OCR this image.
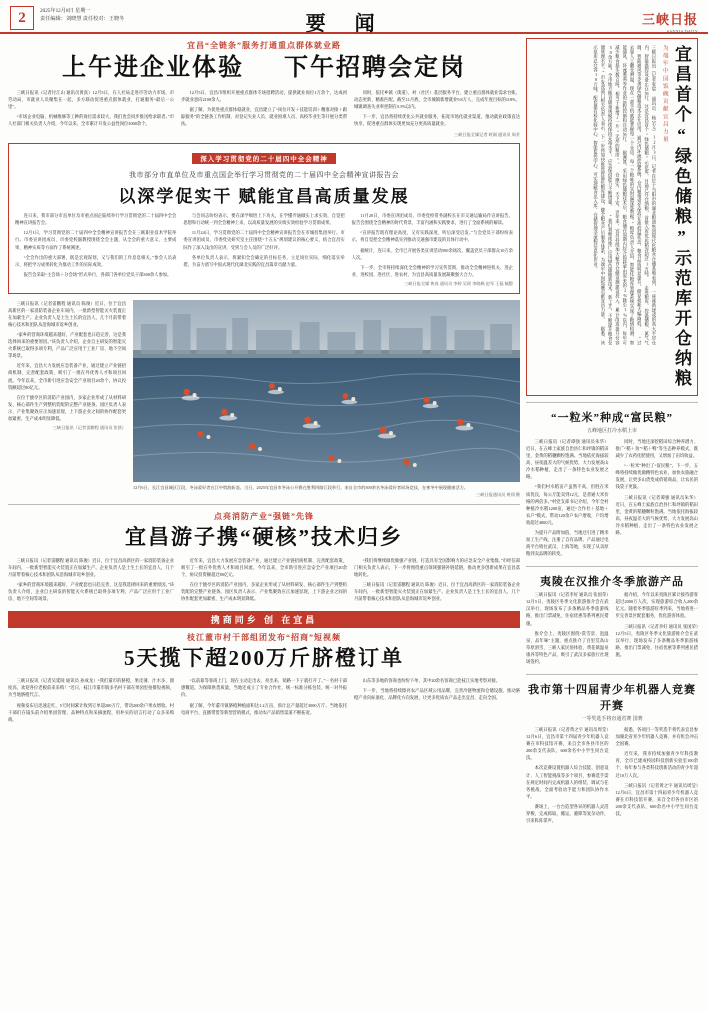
2	2025年12月8日 星期一
责任编辑：刘晓慧 责任校对：王晓冬	要 闻	三峡日报
SANXIA DAILY
宜昌“全链条”服务打通重点群体就业路
上午进企业体验 下午招聘会定岗

三峡日报讯（记者付江山 通讯员黄真）12月5日，在人社局走进市劳动力市场，市劳动局、市就业人员聚集在一起，多方联动促进重点群体就业，打通服务“最后一公里”。

“市场企业电脑、机械维修等工种的岗位需求较大，我们也会同步推送给求职者。”市人社部门相关负责人介绍，今年以来，全市累计开发公益性岗位3000余个。

12月5日，宜昌市组织开展重点群体专场招聘活动，提供就业岗位1万余个，达成初步就业意向2100余人。

据了解，为促进重点群体稳就业，宜昌建立了“岗位开发＋技能培训＋精准对接＋跟踪服务”的全链条工作机制，对登记失业人员、就业困难人员、高校毕业生等开展分类帮扶。

同时，依托乡镇（街道）、村（社区）基层服务平台，建立重点群体就业需求台账，动态更新、精准匹配。截至11月底，全市城镇新增就业9.8万人，完成年度目标的118%，城镇调查失业率控制在5.5%以内。

下一步，宜昌将持续优化公共就业服务，拓宽市场化就业渠道，推动就业政策直达快享，促进重点群体实现更加充分更高质量就业。

三峡日报全媒记者 时刚 通讯员 周芳
深入学习贯彻党的二十届四中全会精神
我市部分市直单位及市重点国企举行学习贯彻党的二十届四中全会精神宣讲报告会
以深学促实干 赋能宜昌高质量发展

连日来，我市部分市直单位及市重点国企陆续举行学习贯彻党的二十届四中全会精神宣讲报告会。

12月1日，学习贯彻党的二十届四中全会精神宣讲报告会在三峡职业技术学院举行。市委宣讲团成员、市委党校副教授围绕全会主题，从全会的重大意义、主要成果、精神实质等方面作了系统阐述。

“全会作出的重大部署，既是宏观谋划，又与我们的工作息息相关。”参会人员表示，将把学习成果转化为推动工作的实际成效。

报告会采取“主会场＋分会场”形式举行，各部门各单位党员干部300余人参加。

与会同志纷纷表示，要在深学细悟上下功夫，在学懂弄通做实上求实效，自觉把思想和行动统一到全会精神上来，以高质量发展的实绩实效检验学习贯彻成果。

11月24日，学习贯彻党的二十届四中全会精神宣讲报告会在市城投集团举行。市委宣讲团成员、市委党史研究室主任围绕“十五五”规划建议的核心要义，结合宜昌实际作了深入浅出的宣讲，受到与会人员的广泛好评。

各单位负责人表示，将紧扣全会确定的目标任务，立足岗位实际，细化落实举措，为奋力谱写中国式现代化湖北实践的宜昌篇章贡献力量。

11月20日，市委宣讲团成员、市委党校常务副校长在市交通运输局作宣讲报告。报告会围绕全会精神的时代背景、丰富内涵和实践要求，进行了全面系统的解读。

“宣讲报告既有理论高度，又有实践深度，听后深受启发。”与会党员干部纷纷表示，将自觉把全会精神落实到推动交通强市建设的具体行动中。

据统计，连日来，全市已开展各类宣讲活动500余场次，覆盖党员干部群众10万余人次。

下一步，全市将持续深化全会精神的学习宣传贯彻，推动全会精神进机关、进企业、进校园、进社区、进农村，为宜昌高质量发展凝聚强大合力。

三峡日报全媒 黄真 通讯员 李婷 吴瑶 李晓枫 赵军 王磊 稿整

三峡日报讯（记者雷鹏程 通讯员 陈俊）近日，位于宜昌高新区的一家消防装备企业车间内，一批新型智能灭火装置正在加紧生产。企业负责人是土生土长的宜昌人，几个月前带着核心技术和团队从沿海城市返乡创业。

“家乡的营商环境越来越好，产业配套也日趋完善，这是我选择回来的重要原因。”该负责人介绍，企业自主研发的智能灭火系统已取得多项专利，产品广泛应用于工业厂房、地下空间等场景。

近年来，宜昌大力发展应急装备产业，通过建立产业链招商机制、完善配套政策，吸引了一批在外优秀人才和项目回流。今年以来，全市新引进应急安全产业项目20余个，协议投资额超过80亿元。

在位于猇亭区的消防产业园内，多家企业形成了从材料研发、核心部件生产到整机装配的完整产业链条。园区负责人表示，产业集聚效应正加速显现，上下游企业之间的协作配套更加紧密，生产成本明显降低。

三峡日报讯（记者雷鹏程 通讯员 张凯）
12月6日，长江宜昌城区江段，冬泳爱好者在江中劈波斩浪。当日，2025年宜昌市冬泳公开赛在胜利四路江段举行，来自全市的300余名冬泳爱好者同场竞技，在寒冬中展现健康活力。
三峡日报通讯员 黄翔 摄
点亮消防产业“强链”先锋
宜昌游子携“硬核”技术归乡

三峡日报讯（记者雷鹏程 通讯员 陈俊）近日，位于宜昌高新区的一家消防装备企业车间内，一批新型智能灭火装置正在加紧生产。企业负责人是土生土长的宜昌人，几个月前带着核心技术和团队从沿海城市返乡创业。

“家乡的营商环境越来越好，产业配套也日趋完善，这是我选择回来的重要原因。”该负责人介绍，企业自主研发的智能灭火系统已取得多项专利，产品广泛应用于工业厂房、地下空间等场景。

近年来，宜昌大力发展应急装备产业，通过建立产业链招商机制、完善配套政策，吸引了一批在外优秀人才和项目回流。今年以来，全市新引进应急安全产业项目20余个，协议投资额超过80亿元。

在位于猇亭区的消防产业园内，多家企业形成了从材料研发、核心部件生产到整机装配的完整产业链条。园区负责人表示，产业集聚效应正加速显现，上下游企业之间的协作配套更加紧密，生产成本明显降低。

“我们将继续做优做强产业链，打造具有全国影响力的应急安全产业集群。”市经信部门相关负责人表示，下一步将围绕重点领域强链补链延链，推动更多创新成果在宜昌落地转化。

三峡日报讯（记者雷鹏程 通讯员 陈俊）近日，位于宜昌高新区的一家消防装备企业车间内，一批新型智能灭火装置正在加紧生产。企业负责人是土生土长的宜昌人，几个月前带着核心技术和团队从沿海城市返乡创业。

携商同乡 创 在宜昌
枝江董市村干部组团发布“招商”短视频
5天揽下超200万斤脐橙订单

三峡日报讯（记者吴延陵 通讯员 孙成龙）“我们董市的脐橙，果皮薄、汁水多、甜度高，欢迎各位老板前来采购！”近日，枝江市董市镇多名村干部在果园里拍摄短视频，为当地脐橙代言。

视频发布后迅速走红，5天时间累计收到订单超200万斤，带动200余户果农增收。村干部们在镜头前介绍果园管理、品种特点和采摘流程，用朴实的语言打动了众多采购商。

“以前靠等客商上门，现在主动走出去、亮出来，销路一下子就打开了。”一名村干部感慨道。为保障供货质量，当地还成立了专业合作社，统一标准分拣包装，统一对外报价。

据了解，今年董市镇脐橙种植面积达1.2万亩，预计总产量超过3000万斤。当地依托电商平台、直播带货等新型营销模式，推动农产品销售渠道不断拓宽。

山东等多地的客商也纷纷下单，其中20余名客商已赴枝江实地考察对接。

下一步，当地将持续擦亮农产品区域公用品牌，完善冷链物流和仓储设施，推动脐橙产业向标准化、品牌化方向发展，让更多优质农产品走出宜昌、走向全国。

宜昌首个“绿色储粮”示范库开仓纳粮
为端牢中国饭碗贡献宜昌力量
三峡日报讯（记者张宸 通讯员 杨宗义）12月3日，记者在位于当阳市的湖北粮油集团现代化粮食仓储基地看到，一座座新建成的高大平房仓内，智能温控设备正在运行。这是宜昌首个“绿色储粮”示范库，目前已开仓纳粮，首批入库优质稻谷超过1万吨。 走进粮库，控温储粮、氮气气调、智能通风等多项绿色储粮技术正在应用。通过内环流控温系统，仓内粮堆常年保持在准低温状态，粮食品质明显提升，储存损耗大幅降低。 “过去靠人工翻仓测温，现在一部手机就能掌握每一个仓房、每一个粮堆的实时温湿度数据。”粮库负责人介绍，智能化粮库管理系统实现了粮情检测、智能通风、环流熏蒸等作业的远程控制和自动运行。 据测算，采用绿色储粮技术后，粮食储存周期内综合损耗率由原来的2%降至1%以内，每年可减少粮食损失数百吨，相当于新增了一片“无形的粮田”。 仓廪实，天下安。近年来，宜昌持续加大粮食仓储设施建设投入，累计改造提升仓容50余万吨，全市地方粮食储备规模持续保持充裕水平，应急保供能力不断增强。 “我们将继续推广应用绿色储粮新技术、新工艺，不断提升粮食仓储管理水平。”市发改部门相关负责人表示，下一步将加快推进智能化粮库建设，健全粮食产后服务体系，为端牢中国饭碗贡献宜昌力量。 据悉，该示范库总仓容10万吨，配套建有检化验中心、智能监控中心，可实现粮食出入库、仓储管理全流程信息化作业。
“一粒米”种成“富民粮”
五峰地区打冷水稻上市

三峡日报讯（记者谭强 通讯员朱华）近日，在五峰土家族自治县仁和坪镇的稻田里，金黄的稻穗颗粒饱满。当地依托海拔较高、昼夜温差大的气候优势，大力发展高山冷水稻种植，走出了一条特色农业发展之路。

“我们村水稻亩产虽然不高，但胜在米质优良，每公斤能卖到12元，是普通大米价格的两倍多。”村党支部书记介绍，今年全村种植冷水稻1200亩，通过“合作社＋基地＋农户”模式，带动120余户农户增收，户均增收超过4000元。

为提升产品附加值，当地还引进了精米加工生产线，注册了自有品牌，产品通过电商平台销往武汉、上海等地，实现了从卖原粮到卖品牌的转变。

同时，当地还深挖稻田综合种养潜力，推广“稻＋鱼”“稻＋鸭”等生态种养模式，既减少了农药化肥使用，又增加了亩均收益。

“一粒米”种出了“富民粮”。下一步，五峰将持续做优做精特色农业，加快农旅融合发展，让更多山货变成俏销商品，让农民的钱袋子更鼓。

三峡日报讯（记者谭强 通讯员朱华）近日，在五峰土家族自治县仁和坪镇的稻田里，金黄的稻穗颗粒饱满。当地依托海拔较高、昼夜温差大的气候优势，大力发展高山冷水稻种植，走出了一条特色农业发展之路。

夷陵在汉推介冬季旅游产品

三峡日报讯（记者李好 通讯员 张国荣）12月5日，夷陵区冬季文化旅游推介会在武汉举行，现场发布了多条精品冬季旅游线路，推出门票减免、住宿优惠等系列惠民措施。

推介会上，夷陵区围绕“赏雪景、泡温泉、品年味”主题，重点推介了百里荒高山草原滑雪、三峡人家民俗体验、黄花镇温泉康养等特色产品，吸引了武汉多家旅行社现场签约。

据介绍，今年以来夷陵区累计接待游客超过2000万人次，实现旅游综合收入200余亿元。随着冬季旅游旺季到来，当地将进一步完善景区配套服务，优化游客体验。

三峡日报讯（记者李好 通讯员 张国荣）12月5日，夷陵区冬季文化旅游推介会在武汉举行，现场发布了多条精品冬季旅游线路，推出门票减免、住宿优惠等系列惠民措施。

我市第十四届青少年机器人竞赛开赛
一等奖选手将直通省赛 国赛

三峡日报讯（记者黄之宇 通讯员周莹）12月6日，宜昌市第十四届青少年机器人竞赛在市科技馆开赛，来自全市各县市区的200余支代表队、600余名中小学生同台竞技。

本次竞赛设置机器人综合技能、创意设计、人工智能挑战等多个项目，参赛选手需在规定时间内完成机器人的组装、调试与任务挑战，全面考验动手能力和团队协作水平。

赛场上，一台台造型各异的机器人灵活穿梭，完成抓取、搬运、避障等复杂动作，引来阵阵掌声。

据悉，各项目一等奖选手将代表宜昌参加湖北省青少年机器人竞赛，并有机会冲击全国赛。

近年来，我市持续加强青少年科技教育，全市已建成校园科技创新实验室100余个，每年参与各类科技创新活动的青少年超过10万人次。

三峡日报讯（记者黄之宇 通讯员周莹）12月6日，宜昌市第十四届青少年机器人竞赛在市科技馆开赛，来自全市各县市区的200余支代表队、600余名中小学生同台竞技。
